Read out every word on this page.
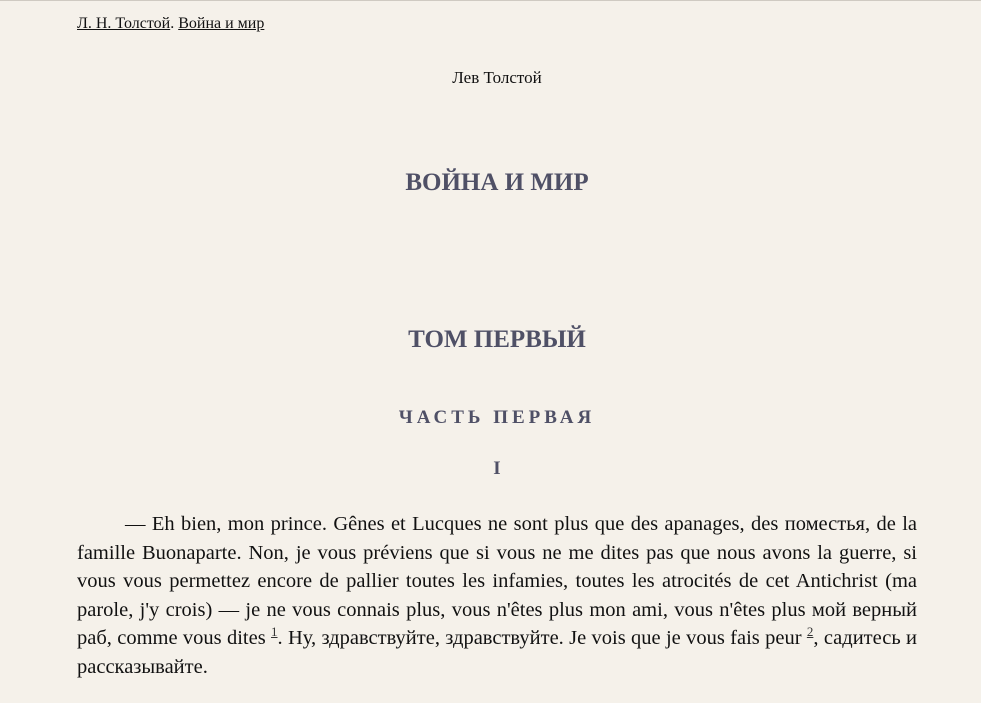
Л. Н. Толстой. Война и мир
Лев Толстой
ВОЙНА И МИР
ТОМ ПЕРВЫЙ
ЧАСТЬ ПЕРВАЯ
I

— Eh bien, mon prince. Gênes et Lucques ne sont plus que des apanages, des поместья, de la famille Buonaparte. Non, je vous préviens que si vous ne me dites pas que nous avons la guerre, si vous vous permettez encore de pallier toutes les infamies, toutes les atrocités de cet Antichrist (ma parole, j'y crois) — je ne vous connais plus, vous n'êtes plus mon ami, vous n'êtes plus мой верный раб, comme vous dites $^1$. Ну, здравствуйте, здравствуйте. Je vois que je vous fais peur $^2$, садитесь и рассказывайте.
